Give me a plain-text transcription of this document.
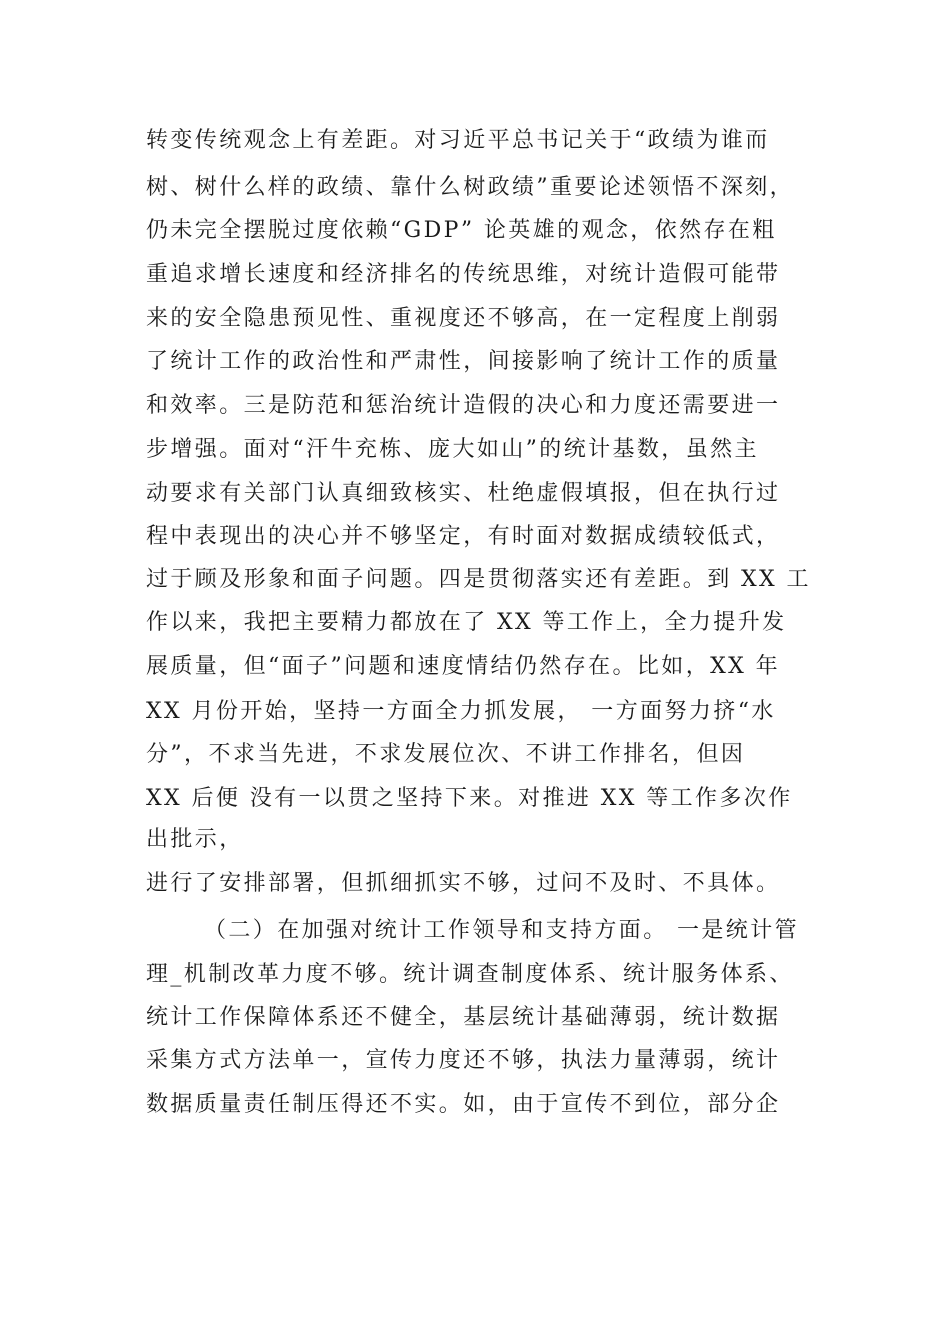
转变传统观念上有差距。对习近平总书记关于“政绩为谁而
树、树什么样的政绩、靠什么树政绩”重要论述领悟不深刻，
仍未完全摆脱过度依赖“GDP” 论英雄的观念，依然存在粗
重追求增长速度和经济排名的传统思维，对统计造假可能带
来的安全隐患预见性、重视度还不够高，在一定程度上削弱
了统计工作的政治性和严肃性，间接影响了统计工作的质量
和效率。三是防范和惩治统计造假的决心和力度还需要进一
步增强。面对“汗牛充栋、庞大如山”的统计基数，虽然主
动要求有关部门认真细致核实、杜绝虚假填报，但在执行过
程中表现出的决心并不够坚定，有时面对数据成绩较低式，
过于顾及形象和面子问题。四是贯彻落实还有差距。到 XX 工
作以来，我把主要精力都放在了 XX 等工作上，全力提升发
展质量，但“面子”问题和速度情结仍然存在。比如，XX 年
XX 月份开始，坚持一方面全力抓发展， 一方面努力挤“水
分”，不求当先进，不求发展位次、不讲工作排名，但因
XX 后便 没有一以贯之坚持下来。对推进 XX 等工作多次作
出批示，
进行了安排部署，但抓细抓实不够，过问不及时、不具体。
（二）在加强对统计工作领导和支持方面。 一是统计管
理_机制改革力度不够。统计调查制度体系、统计服务体系、
统计工作保障体系还不健全，基层统计基础薄弱，统计数据
采集方式方法单一，宣传力度还不够，执法力量薄弱，统计
数据质量责任制压得还不实。如，由于宣传不到位，部分企
